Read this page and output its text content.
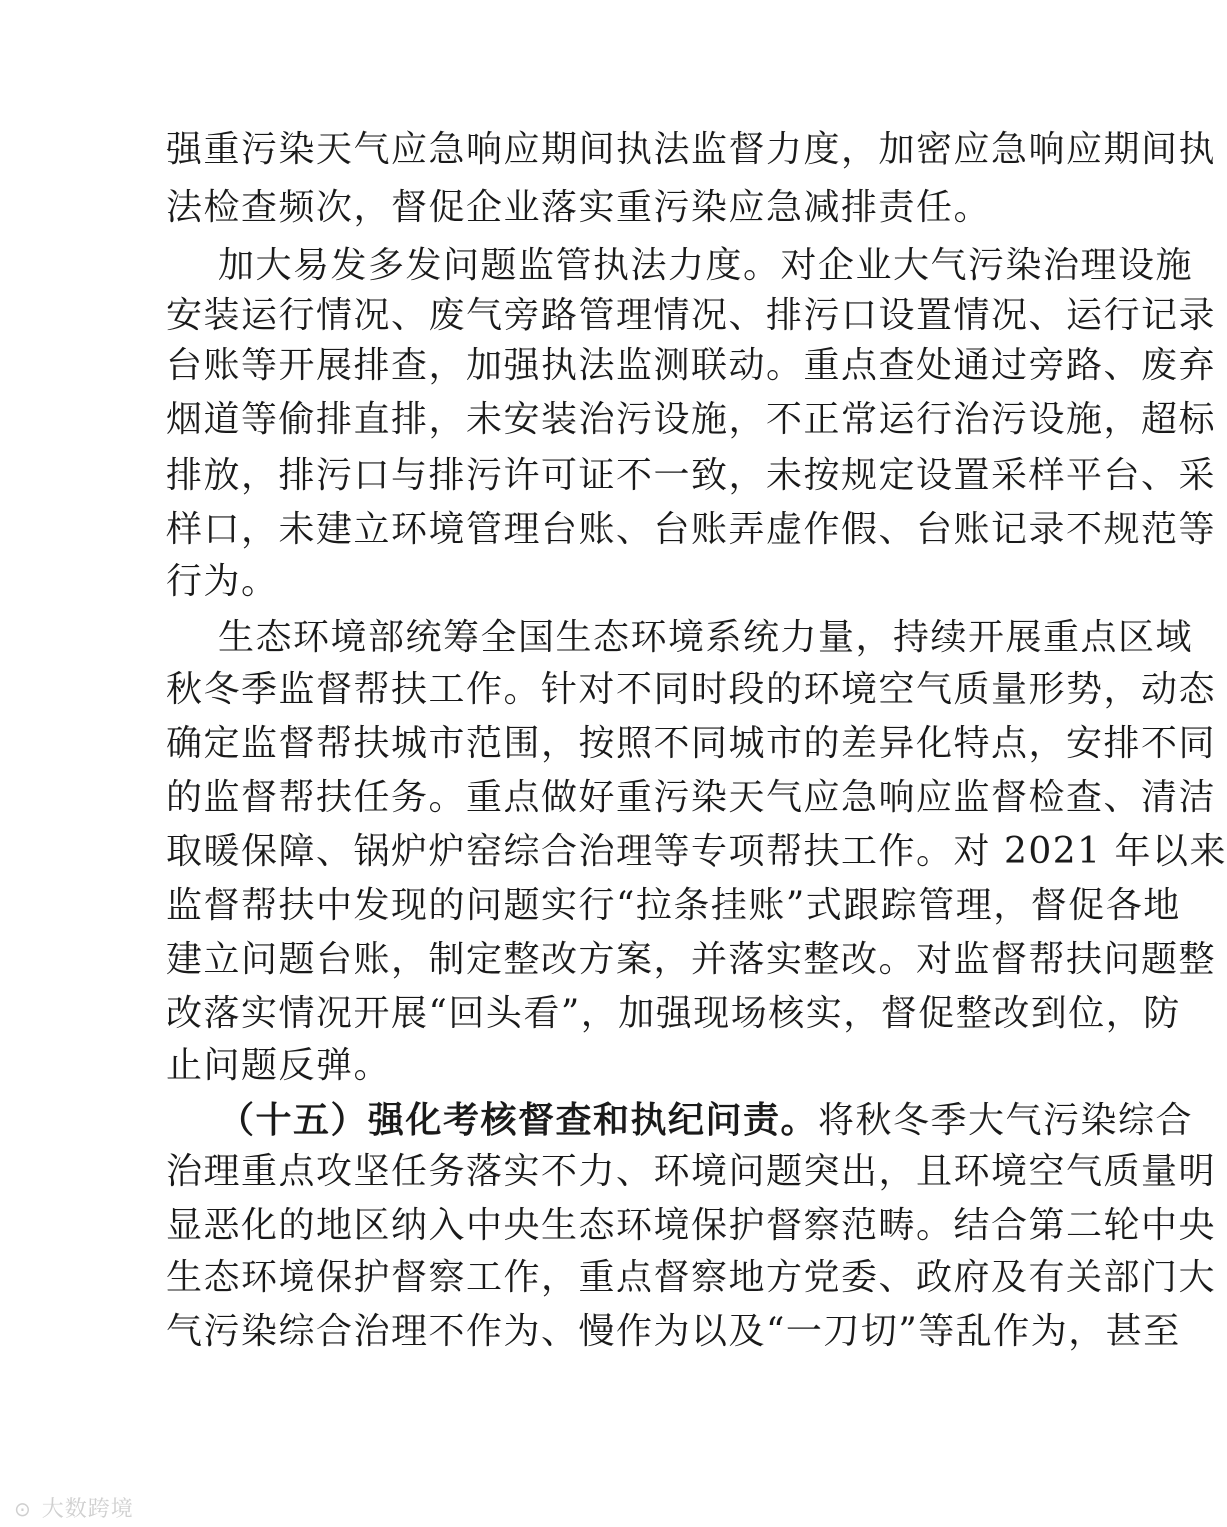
强重污染天气应急响应期间执法监督力度，加密应急响应期间执
法检查频次，督促企业落实重污染应急减排责任。
加大易发多发问题监管执法力度。对企业大气污染治理设施
安装运行情况、废气旁路管理情况、排污口设置情况、运行记录
台账等开展排查，加强执法监测联动。重点查处通过旁路、废弃
烟道等偷排直排，未安装治污设施，不正常运行治污设施，超标
排放，排污口与排污许可证不一致，未按规定设置采样平台、采
样口，未建立环境管理台账、台账弄虚作假、台账记录不规范等
行为。
生态环境部统筹全国生态环境系统力量，持续开展重点区域
秋冬季监督帮扶工作。针对不同时段的环境空气质量形势，动态
确定监督帮扶城市范围，按照不同城市的差异化特点，安排不同
的监督帮扶任务。重点做好重污染天气应急响应监督检查、清洁
取暖保障、锅炉炉窑综合治理等专项帮扶工作。对 2021 年以来
监督帮扶中发现的问题实行“拉条挂账”式跟踪管理，督促各地
建立问题台账，制定整改方案，并落实整改。对监督帮扶问题整
改落实情况开展“回头看”，加强现场核实，督促整改到位，防
止问题反弹。
（十五）强化考核督查和执纪问责。将秋冬季大气污染综合
治理重点攻坚任务落实不力、环境问题突出，且环境空气质量明
显恶化的地区纳入中央生态环境保护督察范畴。结合第二轮中央
生态环境保护督察工作，重点督察地方党委、政府及有关部门大
气污染综合治理不作为、慢作为以及“一刀切”等乱作为，甚至
⊙ 大数跨境
